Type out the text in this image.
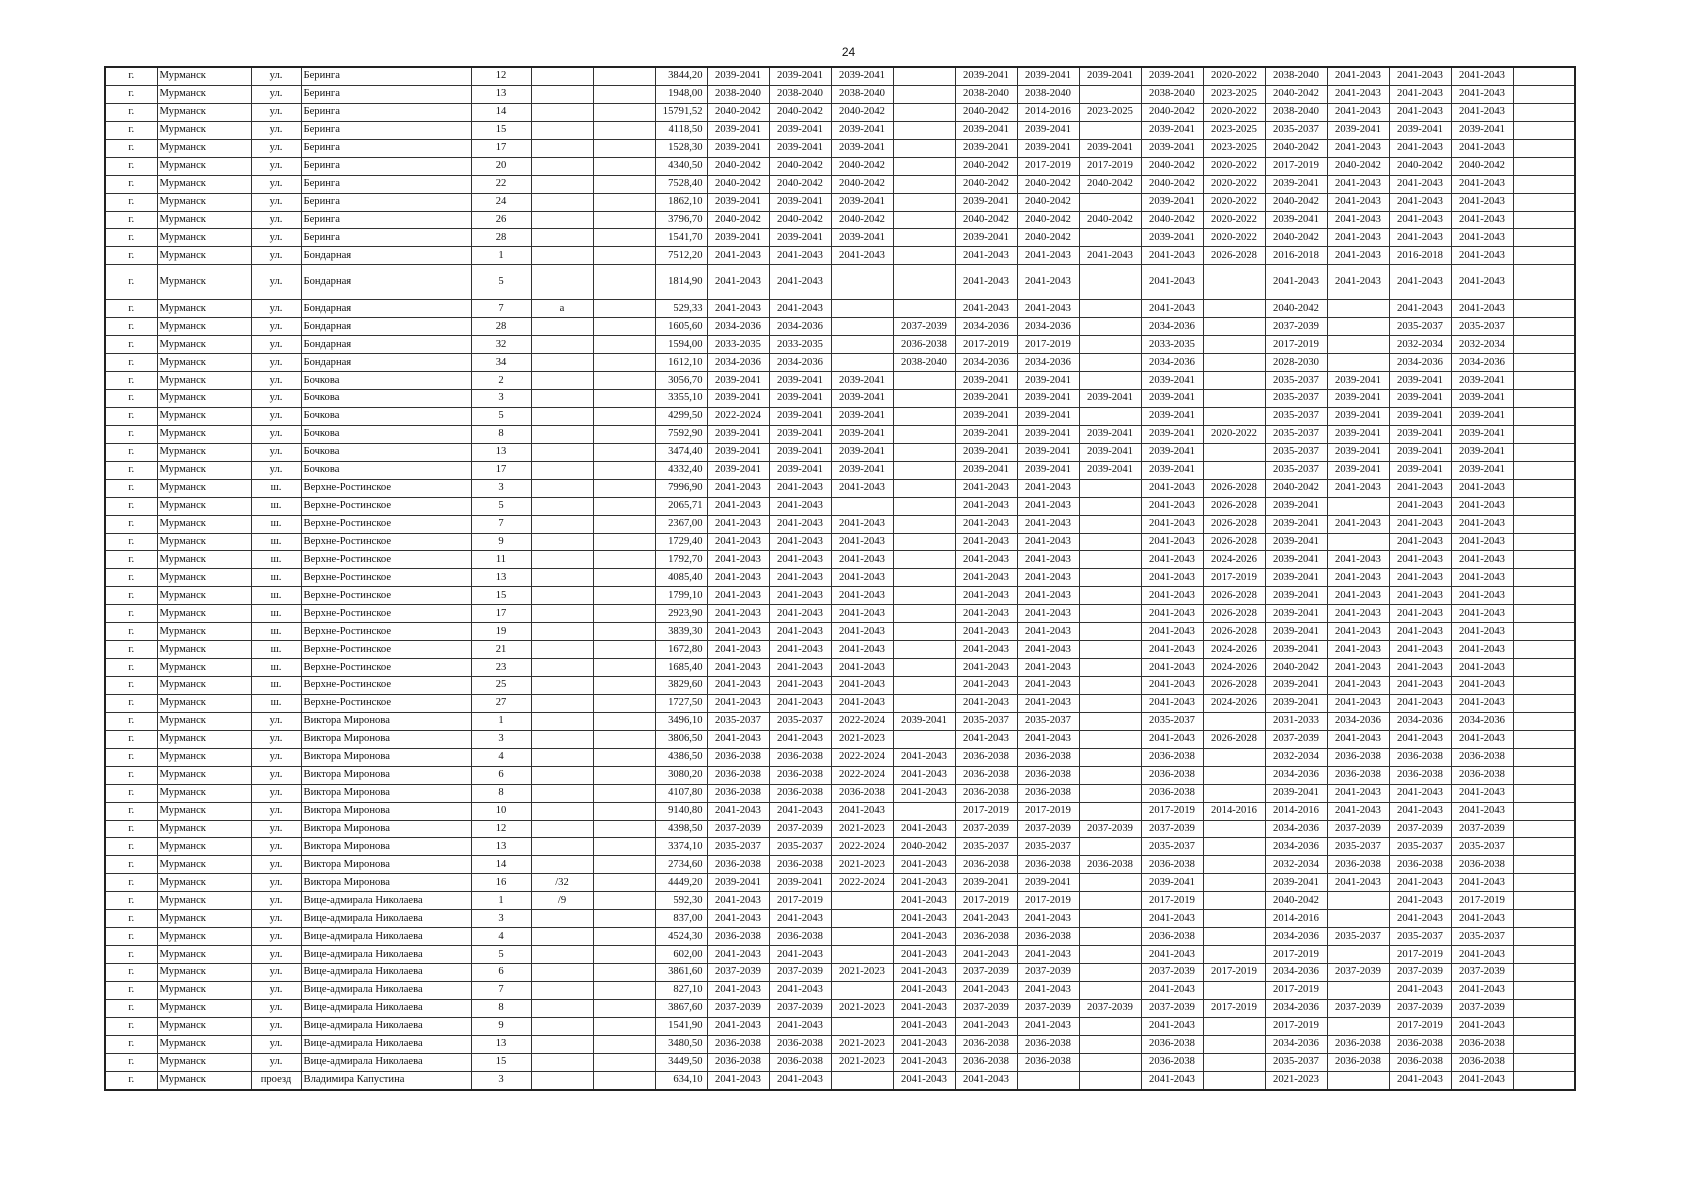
24
г.	Мурманск	ул.	Беринга	12			3844,20	2039-2041	2039-2041	2039-2041		2039-2041	2039-2041	2039-2041	2039-2041	2020-2022	2038-2040	2041-2043	2041-2043	2041-2043	
г.	Мурманск	ул.	Беринга	13			1948,00	2038-2040	2038-2040	2038-2040		2038-2040	2038-2040		2038-2040	2023-2025	2040-2042	2041-2043	2041-2043	2041-2043	
г.	Мурманск	ул.	Беринга	14			15791,52	2040-2042	2040-2042	2040-2042		2040-2042	2014-2016	2023-2025	2040-2042	2020-2022	2038-2040	2041-2043	2041-2043	2041-2043	
г.	Мурманск	ул.	Беринга	15			4118,50	2039-2041	2039-2041	2039-2041		2039-2041	2039-2041		2039-2041	2023-2025	2035-2037	2039-2041	2039-2041	2039-2041	
г.	Мурманск	ул.	Беринга	17			1528,30	2039-2041	2039-2041	2039-2041		2039-2041	2039-2041	2039-2041	2039-2041	2023-2025	2040-2042	2041-2043	2041-2043	2041-2043	
г.	Мурманск	ул.	Беринга	20			4340,50	2040-2042	2040-2042	2040-2042		2040-2042	2017-2019	2017-2019	2040-2042	2020-2022	2017-2019	2040-2042	2040-2042	2040-2042	
г.	Мурманск	ул.	Беринга	22			7528,40	2040-2042	2040-2042	2040-2042		2040-2042	2040-2042	2040-2042	2040-2042	2020-2022	2039-2041	2041-2043	2041-2043	2041-2043	
г.	Мурманск	ул.	Беринга	24			1862,10	2039-2041	2039-2041	2039-2041		2039-2041	2040-2042		2039-2041	2020-2022	2040-2042	2041-2043	2041-2043	2041-2043	
г.	Мурманск	ул.	Беринга	26			3796,70	2040-2042	2040-2042	2040-2042		2040-2042	2040-2042	2040-2042	2040-2042	2020-2022	2039-2041	2041-2043	2041-2043	2041-2043	
г.	Мурманск	ул.	Беринга	28			1541,70	2039-2041	2039-2041	2039-2041		2039-2041	2040-2042		2039-2041	2020-2022	2040-2042	2041-2043	2041-2043	2041-2043	
г.	Мурманск	ул.	Бондарная	1			7512,20	2041-2043	2041-2043	2041-2043		2041-2043	2041-2043	2041-2043	2041-2043	2026-2028	2016-2018	2041-2043	2016-2018	2041-2043	
г.	Мурманск	ул.	Бондарная	5			1814,90	2041-2043	2041-2043			2041-2043	2041-2043		2041-2043		2041-2043	2041-2043	2041-2043	2041-2043	
г.	Мурманск	ул.	Бондарная	7	а		529,33	2041-2043	2041-2043			2041-2043	2041-2043		2041-2043		2040-2042		2041-2043	2041-2043	
г.	Мурманск	ул.	Бондарная	28			1605,60	2034-2036	2034-2036		2037-2039	2034-2036	2034-2036		2034-2036		2037-2039		2035-2037	2035-2037	
г.	Мурманск	ул.	Бондарная	32			1594,00	2033-2035	2033-2035		2036-2038	2017-2019	2017-2019		2033-2035		2017-2019		2032-2034	2032-2034	
г.	Мурманск	ул.	Бондарная	34			1612,10	2034-2036	2034-2036		2038-2040	2034-2036	2034-2036		2034-2036		2028-2030		2034-2036	2034-2036	
г.	Мурманск	ул.	Бочкова	2			3056,70	2039-2041	2039-2041	2039-2041		2039-2041	2039-2041		2039-2041		2035-2037	2039-2041	2039-2041	2039-2041	
г.	Мурманск	ул.	Бочкова	3			3355,10	2039-2041	2039-2041	2039-2041		2039-2041	2039-2041	2039-2041	2039-2041		2035-2037	2039-2041	2039-2041	2039-2041	
г.	Мурманск	ул.	Бочкова	5			4299,50	2022-2024	2039-2041	2039-2041		2039-2041	2039-2041		2039-2041		2035-2037	2039-2041	2039-2041	2039-2041	
г.	Мурманск	ул.	Бочкова	8			7592,90	2039-2041	2039-2041	2039-2041		2039-2041	2039-2041	2039-2041	2039-2041	2020-2022	2035-2037	2039-2041	2039-2041	2039-2041	
г.	Мурманск	ул.	Бочкова	13			3474,40	2039-2041	2039-2041	2039-2041		2039-2041	2039-2041	2039-2041	2039-2041		2035-2037	2039-2041	2039-2041	2039-2041	
г.	Мурманск	ул.	Бочкова	17			4332,40	2039-2041	2039-2041	2039-2041		2039-2041	2039-2041	2039-2041	2039-2041		2035-2037	2039-2041	2039-2041	2039-2041	
г.	Мурманск	ш.	Верхне-Ростинское	3			7996,90	2041-2043	2041-2043	2041-2043		2041-2043	2041-2043		2041-2043	2026-2028	2040-2042	2041-2043	2041-2043	2041-2043	
г.	Мурманск	ш.	Верхне-Ростинское	5			2065,71	2041-2043	2041-2043			2041-2043	2041-2043		2041-2043	2026-2028	2039-2041		2041-2043	2041-2043	
г.	Мурманск	ш.	Верхне-Ростинское	7			2367,00	2041-2043	2041-2043	2041-2043		2041-2043	2041-2043		2041-2043	2026-2028	2039-2041	2041-2043	2041-2043	2041-2043	
г.	Мурманск	ш.	Верхне-Ростинское	9			1729,40	2041-2043	2041-2043	2041-2043		2041-2043	2041-2043		2041-2043	2026-2028	2039-2041		2041-2043	2041-2043	
г.	Мурманск	ш.	Верхне-Ростинское	11			1792,70	2041-2043	2041-2043	2041-2043		2041-2043	2041-2043		2041-2043	2024-2026	2039-2041	2041-2043	2041-2043	2041-2043	
г.	Мурманск	ш.	Верхне-Ростинское	13			4085,40	2041-2043	2041-2043	2041-2043		2041-2043	2041-2043		2041-2043	2017-2019	2039-2041	2041-2043	2041-2043	2041-2043	
г.	Мурманск	ш.	Верхне-Ростинское	15			1799,10	2041-2043	2041-2043	2041-2043		2041-2043	2041-2043		2041-2043	2026-2028	2039-2041	2041-2043	2041-2043	2041-2043	
г.	Мурманск	ш.	Верхне-Ростинское	17			2923,90	2041-2043	2041-2043	2041-2043		2041-2043	2041-2043		2041-2043	2026-2028	2039-2041	2041-2043	2041-2043	2041-2043	
г.	Мурманск	ш.	Верхне-Ростинское	19			3839,30	2041-2043	2041-2043	2041-2043		2041-2043	2041-2043		2041-2043	2026-2028	2039-2041	2041-2043	2041-2043	2041-2043	
г.	Мурманск	ш.	Верхне-Ростинское	21			1672,80	2041-2043	2041-2043	2041-2043		2041-2043	2041-2043		2041-2043	2024-2026	2039-2041	2041-2043	2041-2043	2041-2043	
г.	Мурманск	ш.	Верхне-Ростинское	23			1685,40	2041-2043	2041-2043	2041-2043		2041-2043	2041-2043		2041-2043	2024-2026	2040-2042	2041-2043	2041-2043	2041-2043	
г.	Мурманск	ш.	Верхне-Ростинское	25			3829,60	2041-2043	2041-2043	2041-2043		2041-2043	2041-2043		2041-2043	2026-2028	2039-2041	2041-2043	2041-2043	2041-2043	
г.	Мурманск	ш.	Верхне-Ростинское	27			1727,50	2041-2043	2041-2043	2041-2043		2041-2043	2041-2043		2041-2043	2024-2026	2039-2041	2041-2043	2041-2043	2041-2043	
г.	Мурманск	ул.	Виктора Миронова	1			3496,10	2035-2037	2035-2037	2022-2024	2039-2041	2035-2037	2035-2037		2035-2037		2031-2033	2034-2036	2034-2036	2034-2036	
г.	Мурманск	ул.	Виктора Миронова	3			3806,50	2041-2043	2041-2043	2021-2023		2041-2043	2041-2043		2041-2043	2026-2028	2037-2039	2041-2043	2041-2043	2041-2043	
г.	Мурманск	ул.	Виктора Миронова	4			4386,50	2036-2038	2036-2038	2022-2024	2041-2043	2036-2038	2036-2038		2036-2038		2032-2034	2036-2038	2036-2038	2036-2038	
г.	Мурманск	ул.	Виктора Миронова	6			3080,20	2036-2038	2036-2038	2022-2024	2041-2043	2036-2038	2036-2038		2036-2038		2034-2036	2036-2038	2036-2038	2036-2038	
г.	Мурманск	ул.	Виктора Миронова	8			4107,80	2036-2038	2036-2038	2036-2038	2041-2043	2036-2038	2036-2038		2036-2038		2039-2041	2041-2043	2041-2043	2041-2043	
г.	Мурманск	ул.	Виктора Миронова	10			9140,80	2041-2043	2041-2043	2041-2043		2017-2019	2017-2019		2017-2019	2014-2016	2014-2016	2041-2043	2041-2043	2041-2043	
г.	Мурманск	ул.	Виктора Миронова	12			4398,50	2037-2039	2037-2039	2021-2023	2041-2043	2037-2039	2037-2039	2037-2039	2037-2039		2034-2036	2037-2039	2037-2039	2037-2039	
г.	Мурманск	ул.	Виктора Миронова	13			3374,10	2035-2037	2035-2037	2022-2024	2040-2042	2035-2037	2035-2037		2035-2037		2034-2036	2035-2037	2035-2037	2035-2037	
г.	Мурманск	ул.	Виктора Миронова	14			2734,60	2036-2038	2036-2038	2021-2023	2041-2043	2036-2038	2036-2038	2036-2038	2036-2038		2032-2034	2036-2038	2036-2038	2036-2038	
г.	Мурманск	ул.	Виктора Миронова	16	/32		4449,20	2039-2041	2039-2041	2022-2024	2041-2043	2039-2041	2039-2041		2039-2041		2039-2041	2041-2043	2041-2043	2041-2043	
г.	Мурманск	ул.	Вице-адмирала Николаева	1	/9		592,30	2041-2043	2017-2019		2041-2043	2017-2019	2017-2019		2017-2019		2040-2042		2041-2043	2017-2019	
г.	Мурманск	ул.	Вице-адмирала Николаева	3			837,00	2041-2043	2041-2043		2041-2043	2041-2043	2041-2043		2041-2043		2014-2016		2041-2043	2041-2043	
г.	Мурманск	ул.	Вице-адмирала Николаева	4			4524,30	2036-2038	2036-2038		2041-2043	2036-2038	2036-2038		2036-2038		2034-2036	2035-2037	2035-2037	2035-2037	
г.	Мурманск	ул.	Вице-адмирала Николаева	5			602,00	2041-2043	2041-2043		2041-2043	2041-2043	2041-2043		2041-2043		2017-2019		2017-2019	2041-2043	
г.	Мурманск	ул.	Вице-адмирала Николаева	6			3861,60	2037-2039	2037-2039	2021-2023	2041-2043	2037-2039	2037-2039		2037-2039	2017-2019	2034-2036	2037-2039	2037-2039	2037-2039	
г.	Мурманск	ул.	Вице-адмирала Николаева	7			827,10	2041-2043	2041-2043		2041-2043	2041-2043	2041-2043		2041-2043		2017-2019		2041-2043	2041-2043	
г.	Мурманск	ул.	Вице-адмирала Николаева	8			3867,60	2037-2039	2037-2039	2021-2023	2041-2043	2037-2039	2037-2039	2037-2039	2037-2039	2017-2019	2034-2036	2037-2039	2037-2039	2037-2039	
г.	Мурманск	ул.	Вице-адмирала Николаева	9			1541,90	2041-2043	2041-2043		2041-2043	2041-2043	2041-2043		2041-2043		2017-2019		2017-2019	2041-2043	
г.	Мурманск	ул.	Вице-адмирала Николаева	13			3480,50	2036-2038	2036-2038	2021-2023	2041-2043	2036-2038	2036-2038		2036-2038		2034-2036	2036-2038	2036-2038	2036-2038	
г.	Мурманск	ул.	Вице-адмирала Николаева	15			3449,50	2036-2038	2036-2038	2021-2023	2041-2043	2036-2038	2036-2038		2036-2038		2035-2037	2036-2038	2036-2038	2036-2038	
г.	Мурманск	проезд	Владимира Капустина	3			634,10	2041-2043	2041-2043		2041-2043	2041-2043			2041-2043		2021-2023		2041-2043	2041-2043	
